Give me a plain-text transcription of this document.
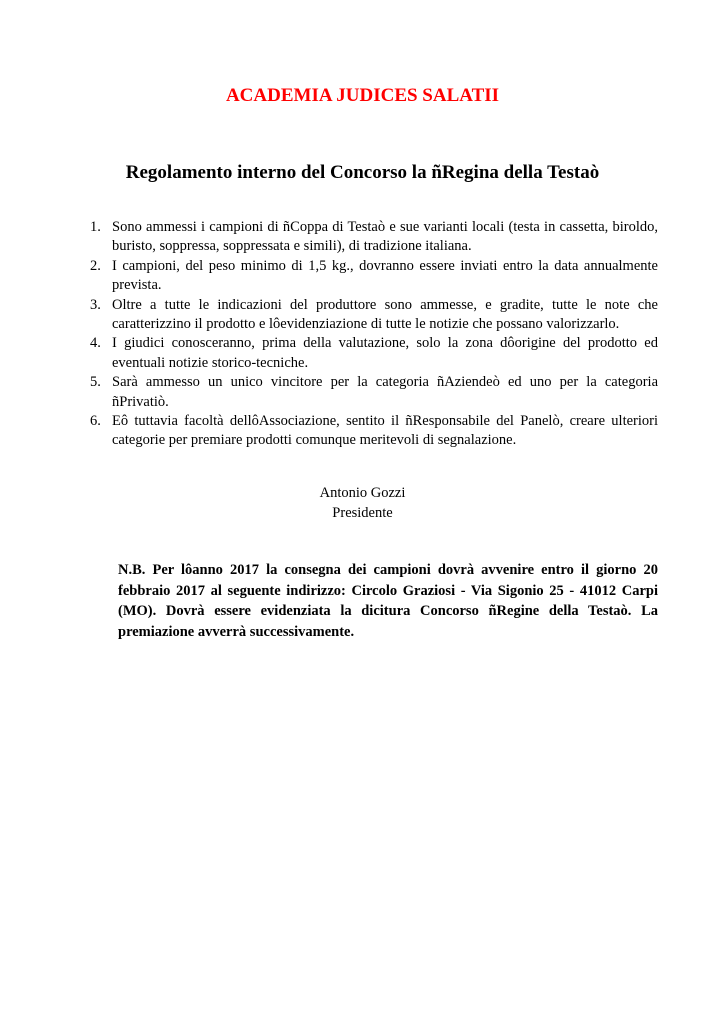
ACADEMIA JUDICES SALATII
Regolamento interno del Concorso la ñRegina della Testaò
1. Sono ammessi i campioni di ñCoppa di Testaò e sue varianti locali (testa in cassetta, biroldo, buristo, soppressa, soppressata e simili), di tradizione italiana.
2. I campioni, del peso minimo di 1,5 kg., dovranno essere inviati entro la data annualmente prevista.
3. Oltre a tutte le indicazioni del produttore sono ammesse, e gradite, tutte le note che caratterizzino il prodotto e lôevidenziazione di tutte le notizie che possano valorizzarlo.
4. I giudici conosceranno, prima della valutazione, solo la zona dôorigine del prodotto ed eventuali notizie storico-tecniche.
5. Sarà ammesso un unico vincitore per la categoria ñAziendeò ed uno per la categoria ñPrivatiò.
6. Eô tuttavia facoltà dellôAssociazione, sentito il ñResponsabile del Panelò, creare ulteriori categorie per premiare prodotti comunque meritevoli di segnalazione.
Antonio Gozzi
Presidente

N.B. Per lôanno 2017 la consegna dei campioni dovrà avvenire entro il giorno 20 febbraio 2017 al seguente indirizzo: Circolo Graziosi - Via Sigonio 25 - 41012 Carpi (MO). Dovrà essere evidenziata la dicitura Concorso ñRegine della Testaò. La premiazione avverrà successivamente.
